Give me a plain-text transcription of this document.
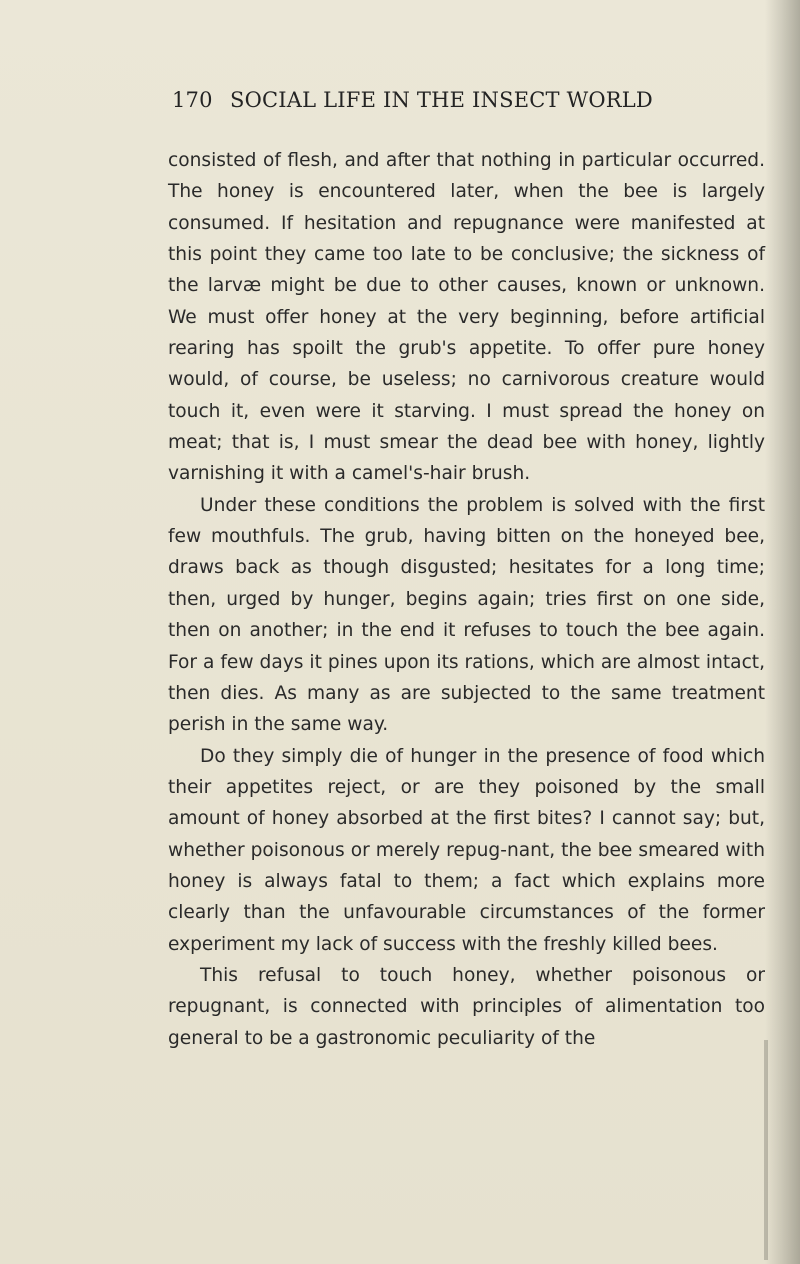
170 SOCIAL LIFE IN THE INSECT WORLD

consisted of flesh, and after that nothing in particular occurred. The honey is encountered later, when the bee is largely consumed. If hesitation and repugnance were manifested at this point they came too late to be conclusive; the sickness of the larvæ might be due to other causes, known or unknown. We must offer honey at the very beginning, before artificial rearing has spoilt the grub's appetite. To offer pure honey would, of course, be useless; no carnivorous creature would touch it, even were it starving. I must spread the honey on meat; that is, I must smear the dead bee with honey, lightly varnishing it with a camel's-hair brush.

Under these conditions the problem is solved with the first few mouthfuls. The grub, having bitten on the honeyed bee, draws back as though disgusted; hesitates for a long time; then, urged by hunger, begins again; tries first on one side, then on another; in the end it refuses to touch the bee again. For a few days it pines upon its rations, which are almost intact, then dies. As many as are subjected to the same treatment perish in the same way.

Do they simply die of hunger in the presence of food which their appetites reject, or are they poisoned by the small amount of honey absorbed at the first bites? I cannot say; but, whether poisonous or merely repug-nant, the bee smeared with honey is always fatal to them; a fact which explains more clearly than the unfavourable circumstances of the former experiment my lack of success with the freshly killed bees.

This refusal to touch honey, whether poisonous or repugnant, is connected with principles of alimentation too general to be a gastronomic peculiarity of the
